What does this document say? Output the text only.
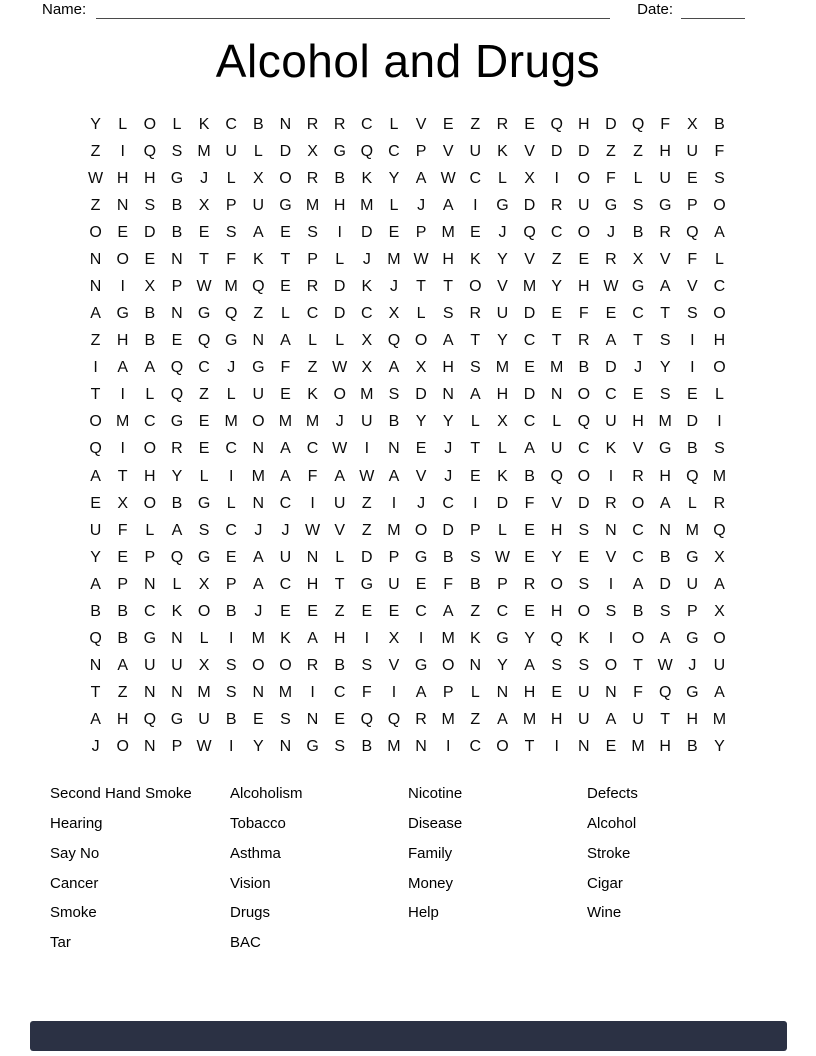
Name:	Date:
Alcohol and Drugs
Y	L	O	L	K	C	B	N R R C	L	V	E	Z	R	E Q H D Q	F	X	B
Z	I	Q S M U	L	D	X G Q C	P	V	U	K	V	D D	Z	Z	H U	F
W H H G	J	L	X O R	B	K	Y	A W C	L	X	I	O	F	L	U	E	S
Z	N	S	B	X	P	U G M H M	L	J	A	I	G D R U G S G P O
O E	D	B	E	S	A	E	S	I	D	E	P M E	J	Q C O	J	B	R Q A
N O E	N	T	F	K	T	P	L	J	M W H	K	Y	V	Z	E	R	X	V	F	L
N	I	X	P W M Q E	R D	K	J	T	T	O V M Y	H W G A	V	C
A G B	N G Q	Z	L	C D C	X	L	S	R U D	E	F	E	C	T	S O
Z	H	B	E Q G N	A	L	L	X Q O A	T	Y	C	T	R	A	T	S	I	H
I	A	A Q C	J	G	F	Z W X	A	X	H	S M E M B	D	J	Y	I	O
T	I	L	Q	Z	L	U	E	K O M S	D N	A	H D N O C	E	S	E	L
O M C G E M O M M	J	U	B	Y	Y	L	X	C	L	Q U H M D	I
Q	I	O R	E	C N	A	C W	I	N	E	J	T	L	A	U C	K	V G B	S
A	T	H	Y	L	I	M A	F	A W A	V	J	E	K	B Q O	I	R H Q M
E	X O B G	L	N C	I	U	Z	I	J	C	I	D	F	V	D R O A	L	R
U	F	L	A	S	C	J	J W V	Z M O D	P	L	E	H	S	N C N M Q
Y	E	P Q G E	A	U N	L	D	P G B	S W E	Y	E	V	C	B G X
A	P	N	L	X	P	A	C H	T	G U	E	F	B	P	R O S	I	A	D U	A
B	B	C	K O B	J	E	E	Z	E	E	C	A	Z	C	E	H O S	B	S	P	X
Q B G N	L	I	M K	A	H	I	X	I	M K G Y Q K	I	O A G O
N	A	U U	X	S O O R	B	S	V G O N	Y	A	S	S O	T W J	U
T	Z	N N M S	N M	I	C	F	I	A	P	L	N H	E	U N	F	Q G A
A	H Q G U	B	E	S	N	E Q Q R M Z	A M H U	A	U	T	H M
J	O N	P W	I	Y	N G S	B M N	I	C O	T	I	N	E M H	B	Y
Second Hand Smoke
Hearing
Say No
Cancer
Smoke
Tar
Alcoholism
Tobacco
Asthma
Vision
Drugs
BAC
Nicotine
Disease
Family
Money
Help
Defects
Alcohol
Stroke
Cigar
Wine
